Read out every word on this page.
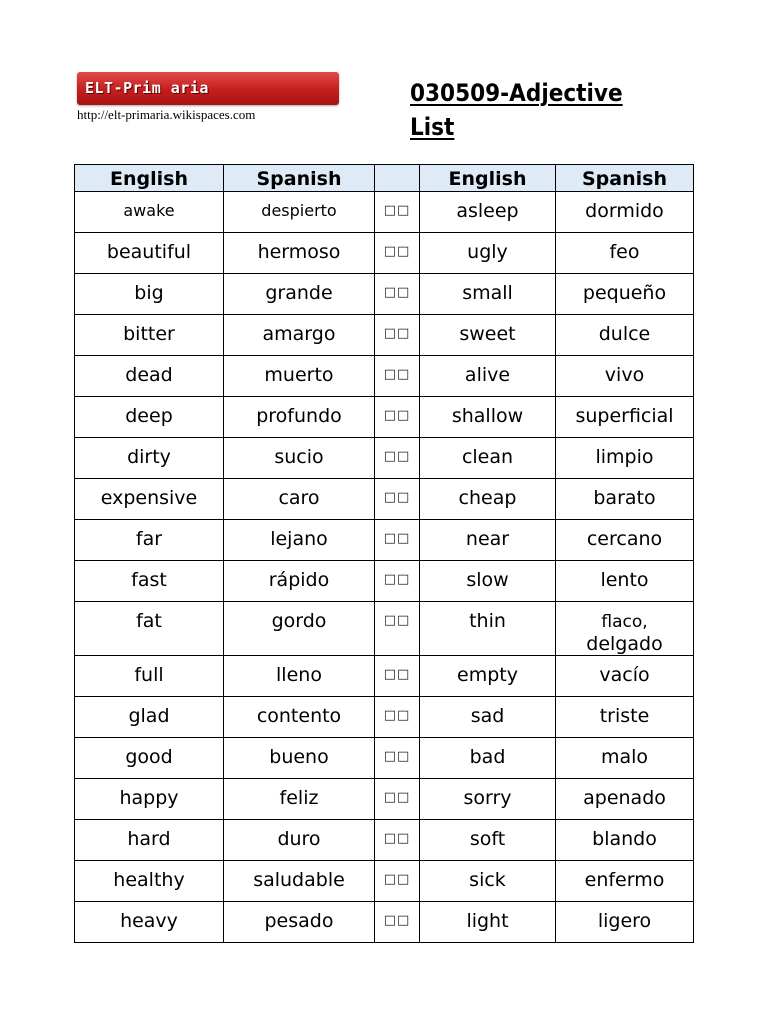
ELT-Prim aria
http://elt-primaria.wikispaces.com
030509-Adjective
List
English	Spanish		English	Spanish
awake	despierto	□□	asleep	dormido
beautiful	hermoso	□□	ugly	feo
big	grande	□□	small	pequeño
bitter	amargo	□□	sweet	dulce
dead	muerto	□□	alive	vivo
deep	profundo	□□	shallow	superficial
dirty	sucio	□□	clean	limpio
expensive	caro	□□	cheap	barato
far	lejano	□□	near	cercano
fast	rápido	□□	slow	lento
fat	gordo	□□	thin	flaco,
delgado
full	lleno	□□	empty	vacío
glad	contento	□□	sad	triste
good	bueno	□□	bad	malo
happy	feliz	□□	sorry	apenado
hard	duro	□□	soft	blando
healthy	saludable	□□	sick	enfermo
heavy	pesado	□□	light	ligero
